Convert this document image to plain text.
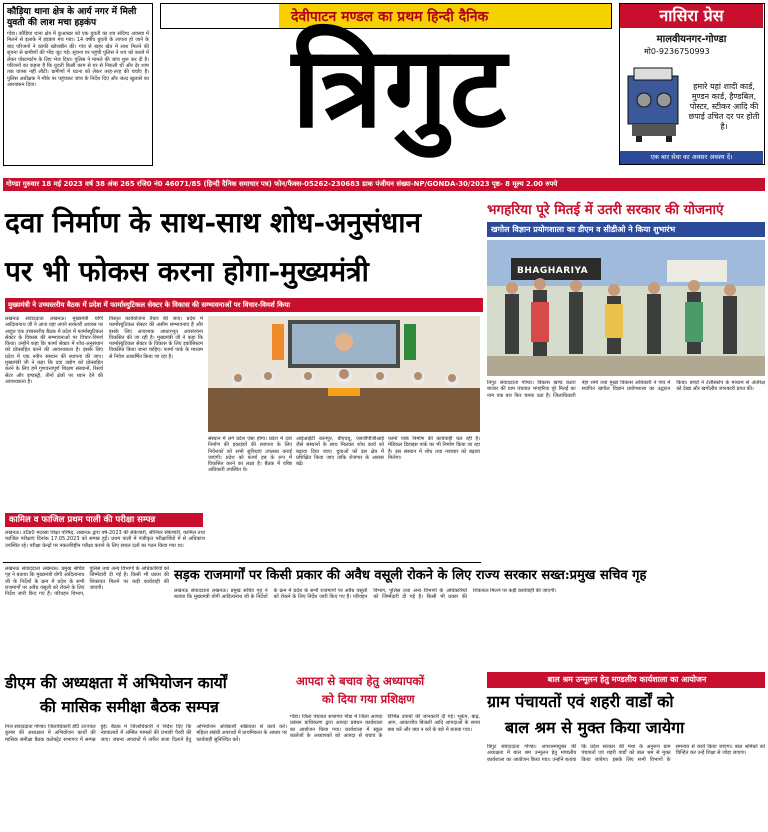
कौड़िया थाना क्षेत्र के आर्य नगर में मिली युवती की लाश मचा हड़कंप
गोंडा। कौड़िया थाना क्षेत्र में कुआखर को एक युवती का शव संदिग्ध अवस्था में मिलने से इलाके में हड़कंप मच गया। 14 वर्षीय युवती के लापता हो जाने के बाद परिजनों ने काफी खोजबीन की। गांव से बाहर खेत में लाश मिलने की सूचना से ग्रामीणों की भीड़ जुट गई। सूचना पर पहुंची पुलिस ने शव को कब्जे में लेकर पोस्टमार्टम के लिए भेज दिया। पुलिस ने मामले की जांच शुरू कर दी है। परिजनों का कहना है कि युवती किसी काम से घर से निकली थी और देर शाम तक वापस नहीं लौटी। ग्रामीणों में घटना को लेकर तरह-तरह की चर्चाएं हैं। पुलिस अधीक्षक ने मौके पर पहुंचकर जांच के निर्देश दिए और जल्द खुलासे का आश्वासन दिया।
देवीपाटन मण्डल का प्रथम हिन्दी दैनिक
त्रिगुट
नासिरा प्रेस
मालवीयनगर-गोण्डा
मो0-9236750993
हमारे यहां शादी कार्ड, मुण्डन कार्ड, हैण्डबिल, पोस्टर, स्टीकर आदि की छपाई उचित दर पर होती है।
एक बार सेवा का अवसर अवश्य दें।
गोण्डा गुरुवार 18 मई 2023 वर्ष 38 अंक 265 रजि0 नं0 46071/85 (हिन्दी दैनिक समाचार पत्र) फोन/फैक्स-05262-230683 डाक पंजीयन संख्या-NP/GONDA-30/2023 पृष्ठ- 8 मूल्य 2.00 रुपये
दवा निर्माण के साथ-साथ शोध-अनुसंधान
पर भी फोकस करना होगा-मुख्यमंत्री
मुख्यमंत्री ने उच्चस्तरीय बैठक में प्रदेश में फार्मास्युटिकल सेक्टर के विकास की सम्भावनाओं पर विचार-विमर्श किया
लखनऊ संवाददाता लखनऊ। मुख्यमंत्री योगी आदित्यनाथ जी ने आज यहां अपने सरकारी आवास पर आहूत एक उच्चस्तरीय बैठक में प्रदेश में फार्मास्युटिकल सेक्टर के विकास की सम्भावनाओं पर विचार-विमर्श किया। उन्होंने कहा कि फार्मा सेक्टर में शोध-अनुसंधान को प्रोत्साहित करने की आवश्यकता है। इसके लिए प्रदेश में एक नवीन संस्थान की स्थापना की जाए। मुख्यमंत्री जी ने कहा कि दवा उद्योग को प्रोत्साहित करने के लिए हमें गुणवत्तापूर्ण शिक्षण संस्थानों, रिसर्च सेंटर और इण्डस्ट्री, तीनों क्षेत्रों पर ध्यान देने की आवश्यकता है।
विस्तृत कार्ययोजना तैयार की जाए। प्रदेश में फार्मास्युटिकल सेक्टर की असीम सम्भावनाएं हैं और इसके लिए आवश्यक आधारभूत अवसंरचना विकसित की जा रही है। मुख्यमंत्री जी ने कहा कि फार्मास्युटिकल सेक्टर के विकास के लिए इकोसिस्टम विकसित किया जाना चाहिए। फार्मा पार्क के माध्यम से निवेश आकर्षित किया जा रहा है।
संस्थान में लगे प्रदेश ऐसा होगा। प्रदेश में दवा निर्माण की इकाइयों की स्थापना के लिए निवेशकों को सभी सुविधाएं उपलब्ध कराई जाएंगी। प्रदेश को फार्मा हब के रूप में विकसित करने का लक्ष्य है। बैठक में वरिष्ठ अधिकारी उपस्थित थे।
आईआईटी कानपुर, बीएचयू, एसजीपीजीआई जैसे संस्थानों के साथ मिलकर शोध कार्य को बढ़ावा दिया जाए। युवाओं को इस क्षेत्र में प्रशिक्षित किया जाए ताकि रोजगार के अवसर बढ़ें।
फार्मा पार्क निर्माण की कार्यवाही चल रही है। मेडिकल डिवाइस पार्क का भी निर्माण किया जा रहा है। इस संस्थान में शोध तथा नवाचार को बढ़ावा मिलेगा।
कामिल व फाजिल प्रथम पाली की परीक्षा सम्पन्न
लखनऊ। उ0प्र0 मदरसा शिक्षा परिषद, लखनऊ द्वारा वर्ष-2023 की सेकेण्डरी, सीनियर सेकेण्डरी, कामिल तथा फाजिल परीक्षाएं दिनांक 17.05.2023 को सम्पन्न हुईं। प्रथम पाली में पंजीकृत परीक्षार्थियों में से अधिकांश उपस्थित रहे। परीक्षा केन्द्रों पर नकलविहीन परीक्षा कराने के लिए सचल दलों का गठन किया गया था।
भगहरिया पूरे मितई में उतरी सरकार की योजनाएं
खगोल विज्ञान प्रयोगशाला का डीएम व सीडीओ ने किया शुभारंभ
BHAGHARIYA
तिगुट संवाददाता गोण्डा। विकास खण्ड कटरा बाजार की ग्राम पंचायत भगहरिया पूरे मितई का नाम एक बार फिर चमक उठा है। जिलाधिकारी नेहा शर्मा तथा मुख्य विकास अधिकारी ने गांव में स्थापित खगोल विज्ञान प्रयोगशाला का उद्घाटन किया। बच्चों ने टेलीस्कोप के माध्यम से अंतरिक्ष को देखा और खगोलीय जानकारी प्राप्त की।
सड़क राजमार्गों पर किसी प्रकार की अवैध वसूली रोकने के लिए राज्य सरकार सख्त:प्रमुख सचिव गृह
लखनऊ संवाददाता लखनऊ। प्रमुख सचिव गृह ने बताया कि मुख्यमंत्री योगी आदित्यनाथ जी के निर्देशों के क्रम में प्रदेश के सभी राजमार्गों पर अवैध वसूली को रोकने के लिए निर्देश जारी किए गए हैं। परिवहन विभाग, पुलिस तथा अन्य विभागों के अधिकारियों को जिम्मेदारी दी गई है। किसी भी प्रकार की शिकायत मिलने पर कड़ी कार्यवाही की जाएगी।
लखनऊ संवाददाता लखनऊ। प्रमुख सचिव गृह ने बताया कि मुख्यमंत्री योगी आदित्यनाथ जी के निर्देशों के क्रम में प्रदेश के सभी राजमार्गों पर अवैध वसूली को रोकने के लिए निर्देश जारी किए गए हैं। परिवहन विभाग, पुलिस तथा अन्य विभागों के अधिकारियों को जिम्मेदारी दी गई है। किसी भी प्रकार की शिकायत मिलने पर कड़ी कार्यवाही की जाएगी।
आपदा से बचाव हेतु अध्यापकों
को दिया गया प्रशिक्षण
गोंडा। जिला पंचायत सभागार गोंडा में जिला आपदा प्रबंधन प्राधिकरण द्वारा आपदा प्रबंधन कार्यशाला का आयोजन किया गया। कार्यशाला में स्कूल कालेजों के अध्यापकों को आपदा से बचाव के विभिन्न उपायों की जानकारी दी गई। भूकंप, बाढ़, आग, आकाशीय बिजली आदि आपदाओं के समय क्या करें और क्या न करें के बारे में बताया गया।
डीएम की अध्यक्षता में अभियोजन कार्यों
की मासिक समीक्षा बैठक सम्पन्न
निज संवाददाता गोण्डा। जिलाधिकारी डॉ0 उज्ज्वल कुमार की अध्यक्षता में अभियोजन कार्यों की मासिक समीक्षा बैठक कलेक्ट्रेट सभागार में सम्पन्न हुई। बैठक में जिलाधिकारी ने निर्देश दिए कि न्यायालयों में लम्बित मामलों की प्रभावी पैरवी की जाए। जघन्य अपराधों में त्वरित सजा दिलाने हेतु अभियोजन अधिकारी सक्रियता से कार्य करें। महिला संबंधी अपराधों में प्राथमिकता के आधार पर कार्यवाही सुनिश्चित करें।
बाल श्रम उन्मूलन हेतु मण्डलीय कार्यशाला का आयोजन
ग्राम पंचायतों एवं शहरी वार्डों को
बाल श्रम से मुक्त किया जायेगा
त्रिगुट संवाददाता गोण्डा। अपरश्रमायुक्त की अध्यक्षता में बाल श्रम उन्मूलन हेतु मण्डलीय कार्यशाला का आयोजन किया गया। उन्होंने बताया कि प्रदेश सरकार की मंशा के अनुरूप ग्राम पंचायतों एवं शहरी वार्डों को बाल श्रम से मुक्त किया जायेगा। इसके लिए सभी विभागों के समन्वय से कार्य किया जाएगा। बाल श्रमिकों को चिन्हित कर उन्हें शिक्षा से जोड़ा जाएगा।
